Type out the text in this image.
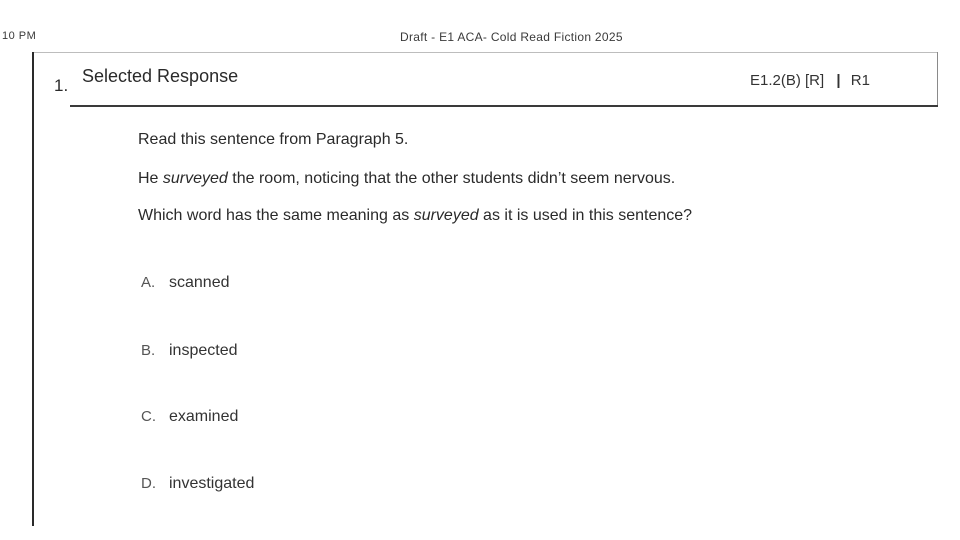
10 PM	Draft - E1 ACA- Cold Read Fiction 2025
1. Selected Response	E1.2(B) [R] | R1
Read this sentence from Paragraph 5.
He surveyed the room, noticing that the other students didn’t seem nervous.
Which word has the same meaning as surveyed as it is used in this sentence?
A. scanned
B. inspected
C. examined
D. investigated
